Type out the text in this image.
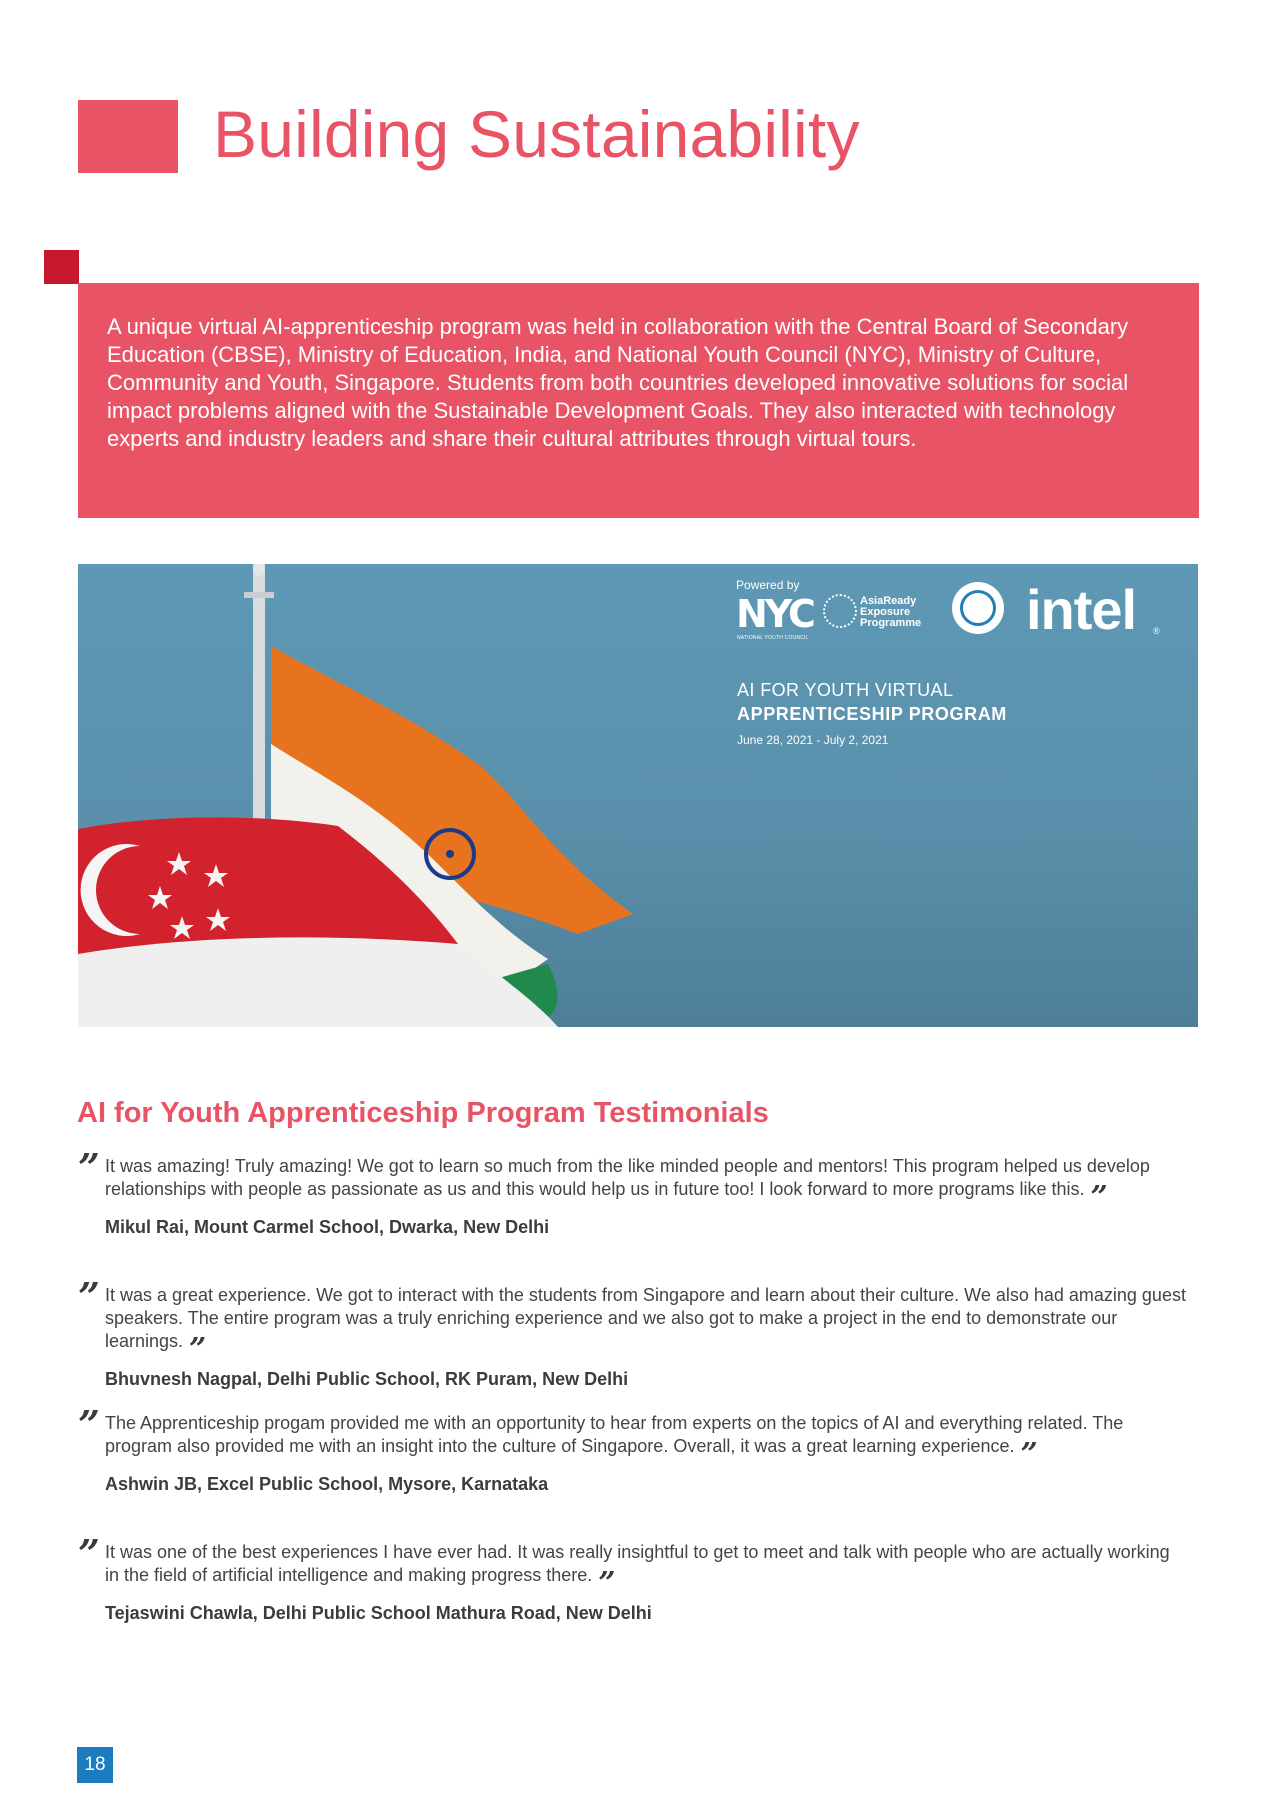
Building Sustainability

A unique virtual AI-apprenticeship program was held in collaboration with the Central Board of Secondary Education (CBSE), Ministry of Education, India, and National Youth Council (NYC), Ministry of Culture, Community and Youth, Singapore. Students from both countries developed innovative solutions for social impact problems aligned with the Sustainable Development Goals. They also interacted with technology experts and industry leaders and share their cultural attributes through virtual tours.

Powered by
NYC
NATIONAL YOUTH COUNCIL
AsiaReady Exposure Programme	intel ®
AI FOR YOUTH VIRTUAL
APPRENTICESHIP PROGRAM
June 28, 2021 - July 2, 2021
AI for Youth Apprenticeship Program Testimonials

” It was amazing! Truly amazing! We got to learn so much from the like minded people and mentors! This program helped us develop relationships with people as passionate as us and this would help us in future too! I look forward to more programs like this. ”

Mikul Rai, Mount Carmel School, Dwarka, New Delhi

” It was a great experience. We got to interact with the students from Singapore and learn about their culture. We also had amazing guest speakers. The entire program was a truly enriching experience and we also got to make a project in the end to demonstrate our learnings. ”

Bhuvnesh Nagpal, Delhi Public School, RK Puram, New Delhi

” The Apprenticeship progam provided me with an opportunity to hear from experts on the topics of AI and everything related. The program also provided me with an insight into the culture of Singapore. Overall, it was a great learning experience. ”

Ashwin JB, Excel Public School, Mysore, Karnataka

” It was one of the best experiences I have ever had. It was really insightful to get to meet and talk with people who are actually working in the field of artificial intelligence and making progress there. ”

Tejaswini Chawla, Delhi Public School Mathura Road, New Delhi

18
